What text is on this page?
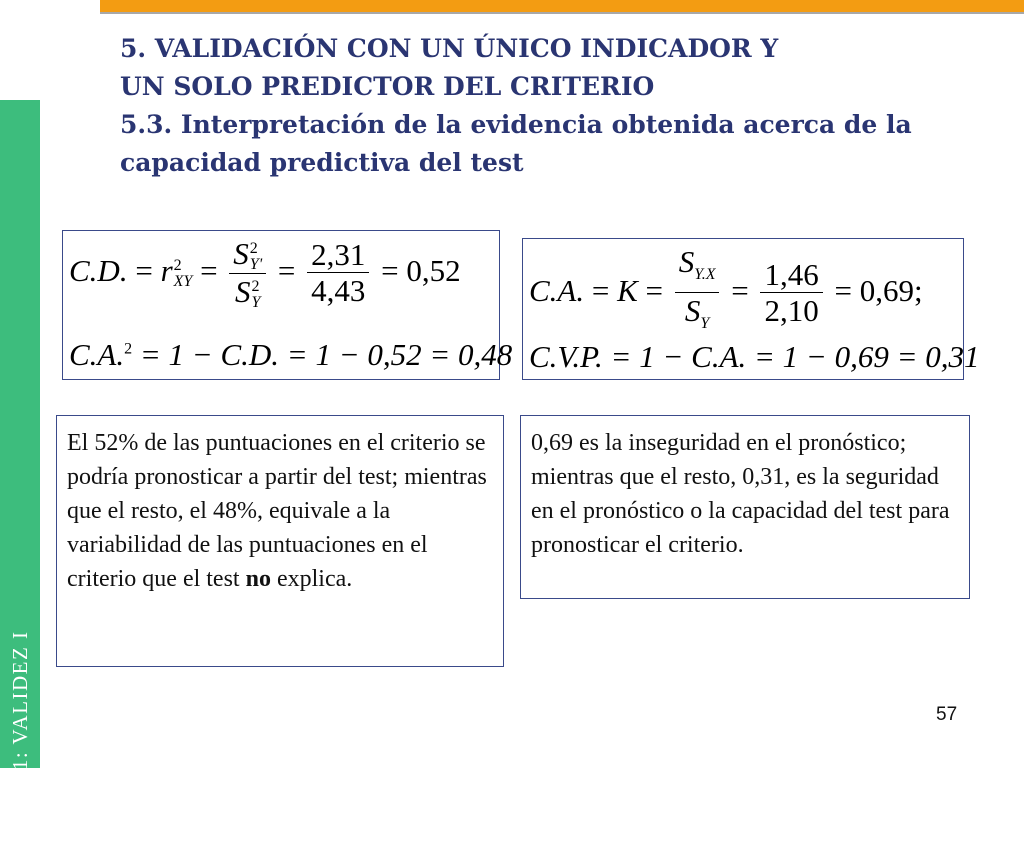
TEMA 6.1: VALIDEZ I
5. VALIDACIÓN CON UN ÚNICO INDICADOR Y
UN SOLO PREDICTOR DEL CRITERIO
5.3. Interpretación de la evidencia obtenida acerca de la
capacidad predictiva del test
C.D. = r 2
XY = S 2
Y'
S 2
$Y = \frac{2,31}{4,43} = 0,52$
C.A.$^2$ = 1 − C.D. = 1 − 0,52 = 0,48
C.A. = $K = \frac{S_{Y.X}}{S_Y} = \frac{1,46}{2,10} = 0,69$;
C.V.P. = 1 − C.A. = 1 − 0,69 = 0,31
El 52% de las puntuaciones en el criterio se podría pronosticar a partir del test; mientras que el resto, el 48%, equivale a la variabilidad de las puntuaciones en el criterio que el test no explica.
0,69 es la inseguridad en el pronóstico; mientras que el resto, 0,31, es la seguridad en el pronóstico o la capacidad del test para pronosticar el criterio.
57
